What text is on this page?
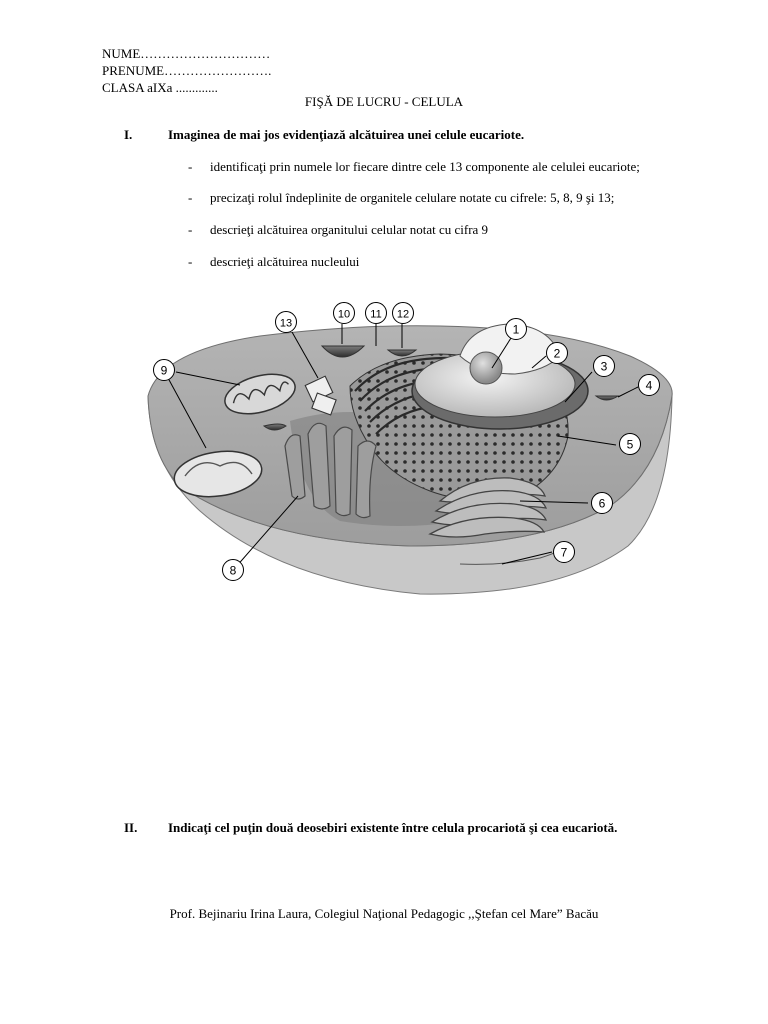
NUME…………………………
PRENUME…………………….
CLASA aIXa .............
FIŞĂ DE LUCRU - CELULA
I.	Imaginea de mai jos evidenţiază alcătuirea unei celule eucariote.
- identificaţi prin numele lor fiecare dintre cele 13 componente ale celulei eucariote;
- precizaţi rolul îndeplinite de organitele celulare notate cu cifrele: 5, 8, 9 şi 13;
- descrieţi alcătuirea organitului celular notat cu cifra 9
- descrieţi alcătuirea nucleului
1
2
3
4
5
6
7
8
9
10 11 12
13
II. Indicaţi cel puţin două deosebiri existente între celula procariotă şi cea eucariotă.
Prof. Bejinariu Irina Laura, Colegiul Naţional Pedagogic ,,Ştefan cel Mare” Bacău
